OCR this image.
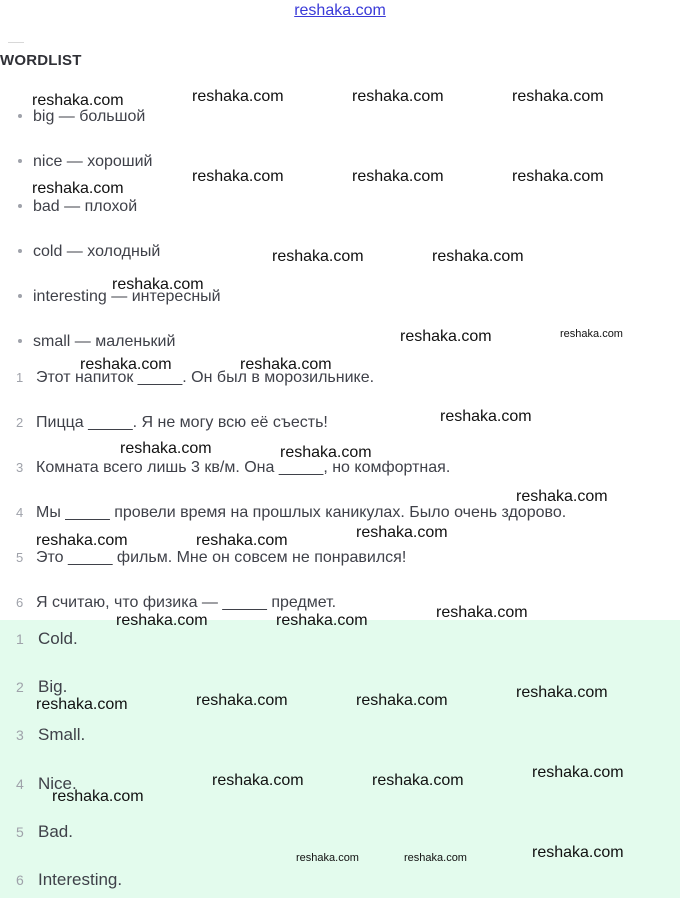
reshaka.com
WORDLIST
big — большой
nice — хороший
bad — плохой
cold — холодный
interesting — интересный
small — маленький
1 Этот напиток _____. Он был в морозильнике.
2 Пицца _____. Я не могу всю её съесть!
3 Комната всего лишь 3 кв/м. Она _____, но комфортная.
4 Мы _____ провели время на прошлых каникулах. Было очень здорово.
5 Это _____ фильм. Мне он совсем не понравился!
6 Я считаю, что физика — _____ предмет.
1 Cold.
2 Big.
3 Small.
4 Nice.
5 Bad.
6 Interesting.
reshaka.com	reshaka.com	reshaka.com	reshaka.com
reshaka.com
reshaka.com	reshaka.com	reshaka.com
reshaka.com	reshaka.com
reshaka.com
reshaka.com	reshaka.com
reshaka.com	reshaka.com
reshaka.com
reshaka.com	reshaka.com
reshaka.com
reshaka.com
reshaka.com	reshaka.com
reshaka.com
reshaka.com	reshaka.com
reshaka.com
reshaka.com	reshaka.com
reshaka.com
reshaka.com
reshaka.com	reshaka.com
reshaka.com
reshaka.com
reshaka.com	reshaka.com
